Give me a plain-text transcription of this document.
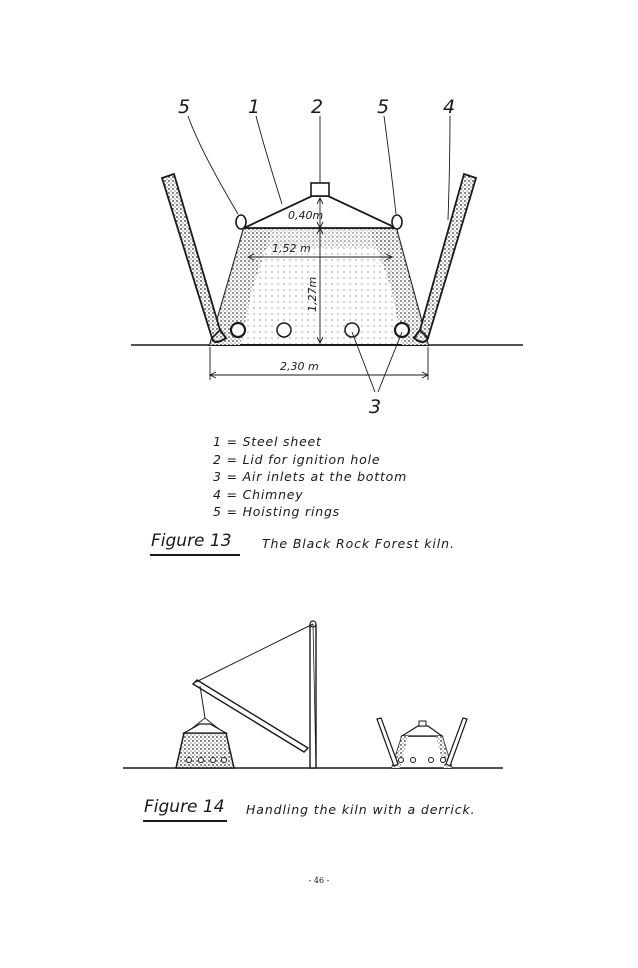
5	1	2	5	4
3
0,40m
1,52 m
1,27m
2,30 m
1 = Steel sheet
2 = Lid for ignition hole
3 = Air inlets at the bottom
4 = Chimney
5 = Hoisting rings
Figure 13 The Black Rock Forest kiln.
Figure 14 Handling the kiln with a derrick.
- 46 -
